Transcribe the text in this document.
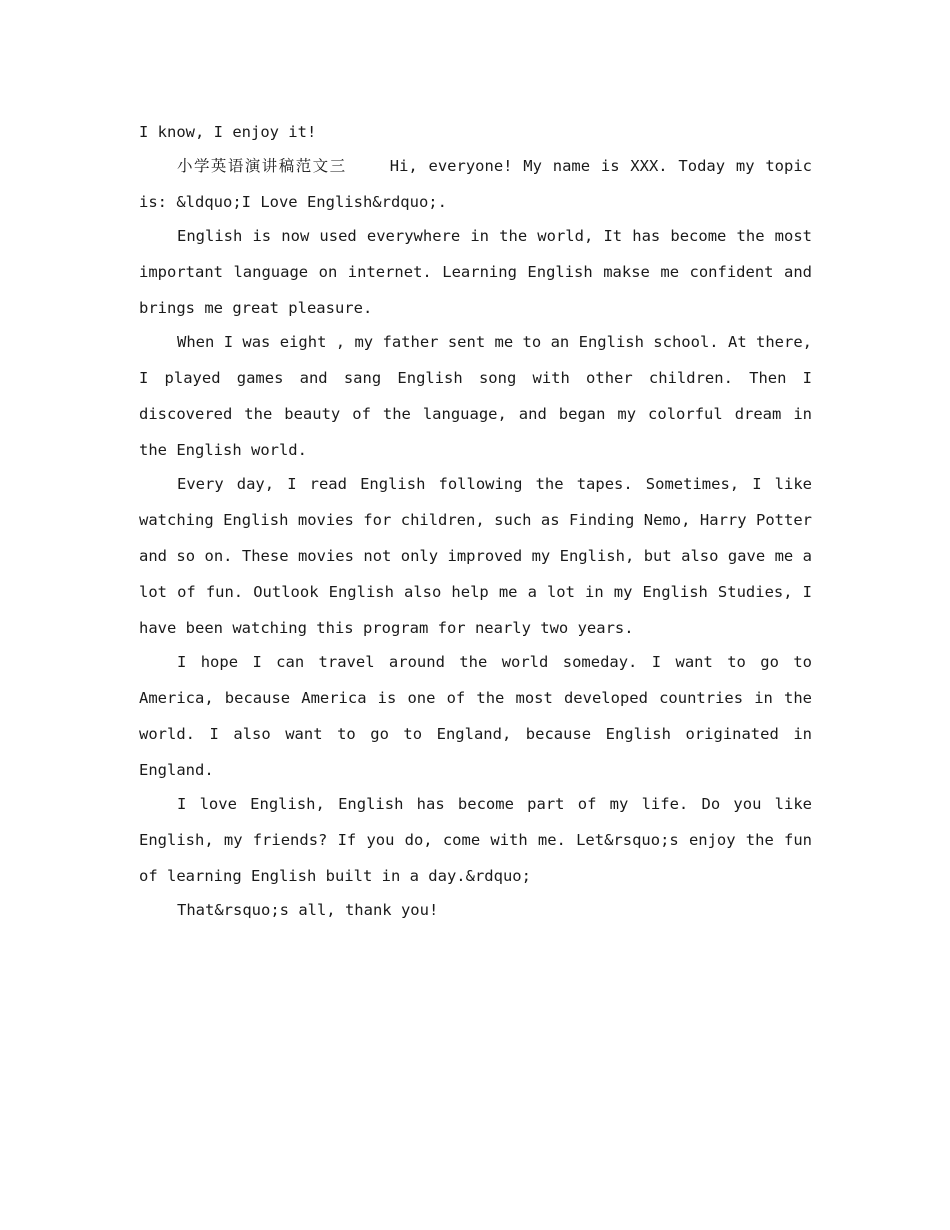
I know, I enjoy it!

小学英语演讲稿范文三    Hi, everyone! My name is XXX. Today my topic is: &ldquo;I Love English&rdquo;.

English is now used everywhere in the world, It has become the most important language on internet. Learning English makse me confident and brings me great pleasure.

When I was eight , my father sent me to an English school. At there, I played games and sang English song with other children. Then I discovered the beauty of the language, and began my colorful dream in the English world.

Every day, I read English following the tapes. Sometimes, I like watching English movies for children, such as Finding Nemo, Harry Potter and so on. These movies not only improved my English, but also gave me a lot of fun. Outlook English also help me a lot in my English Studies, I have been watching this program for nearly two years.

I hope I can travel around the world someday. I want to go to America, because America is one of the most developed countries in the world. I also want to go to England, because English originated in England.

I love English, English has become part of my life. Do you like English, my friends? If you do, come with me. Let&rsquo;s enjoy the fun of learning English built in a day.&rdquo;

That&rsquo;s all, thank you!
